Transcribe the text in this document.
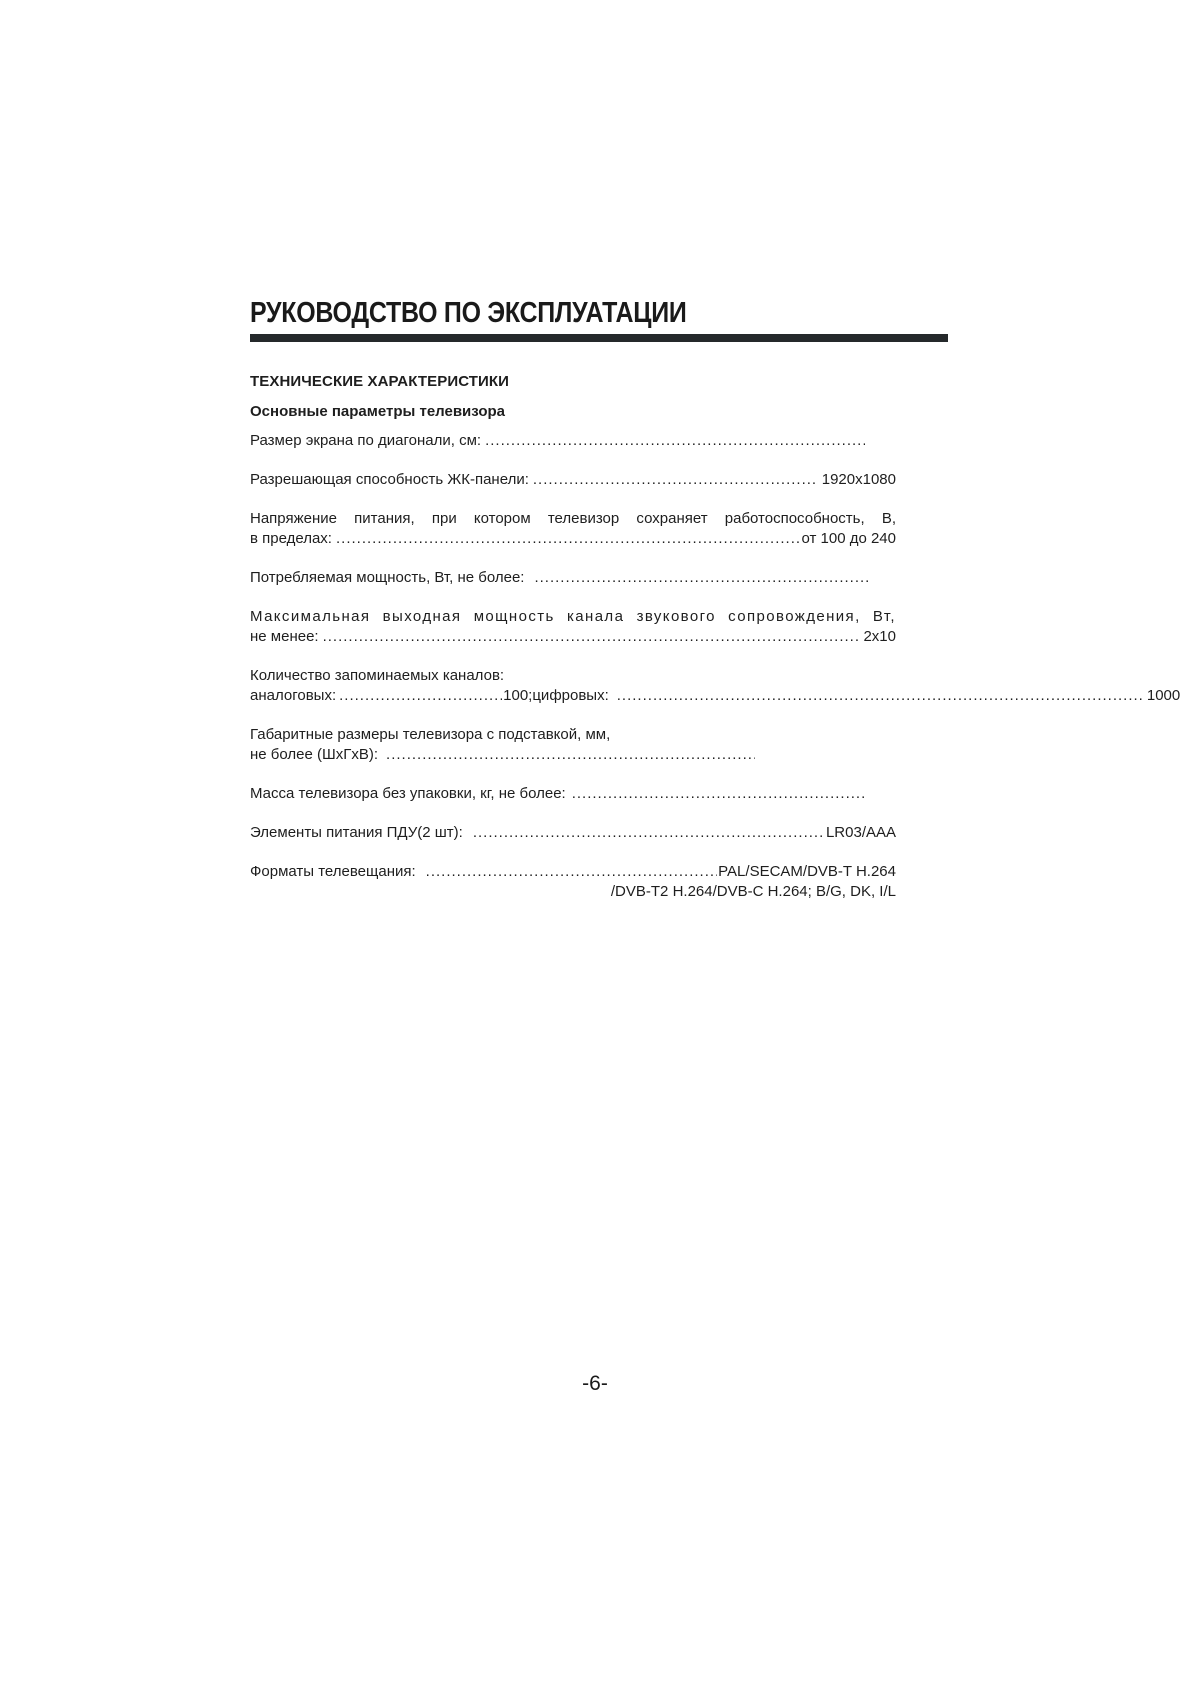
РУКОВОДСТВО ПО ЭКСПЛУАТАЦИИ
ТЕХНИЧЕСКИЕ ХАРАКТЕРИСТИКИ
Основные параметры телевизора
Размер экрана по диагонали, см:
.....
Разрешающая способность ЖК-панели: .....	1920x1080
Напряжение питания, при котором телевизор сохраняет работоспособность, В,
в пределах: .....	от 100 до 240
Потребляемая мощность, Вт, не более:
.....
Максимальная выходная мощность канала звукового сопровождения, Вт,
не менее: .....	2x10
Количество запоминаемых каналов:
аналоговых: .....	100; цифровых: .....	1000
Габаритные размеры телевизора с подставкой, мм,
не более (ШхГхВ):
.....
Масса телевизора без упаковки, кг, не более:
.....
Элементы питания ПДУ(2 шт): .....	LR03/AAA
Форматы телевещания: .....	PAL/SECAM/DVB-T H.264
/DVB-T2 H.264/DVB-C H.264; B/G, DK, I/L
-6-
